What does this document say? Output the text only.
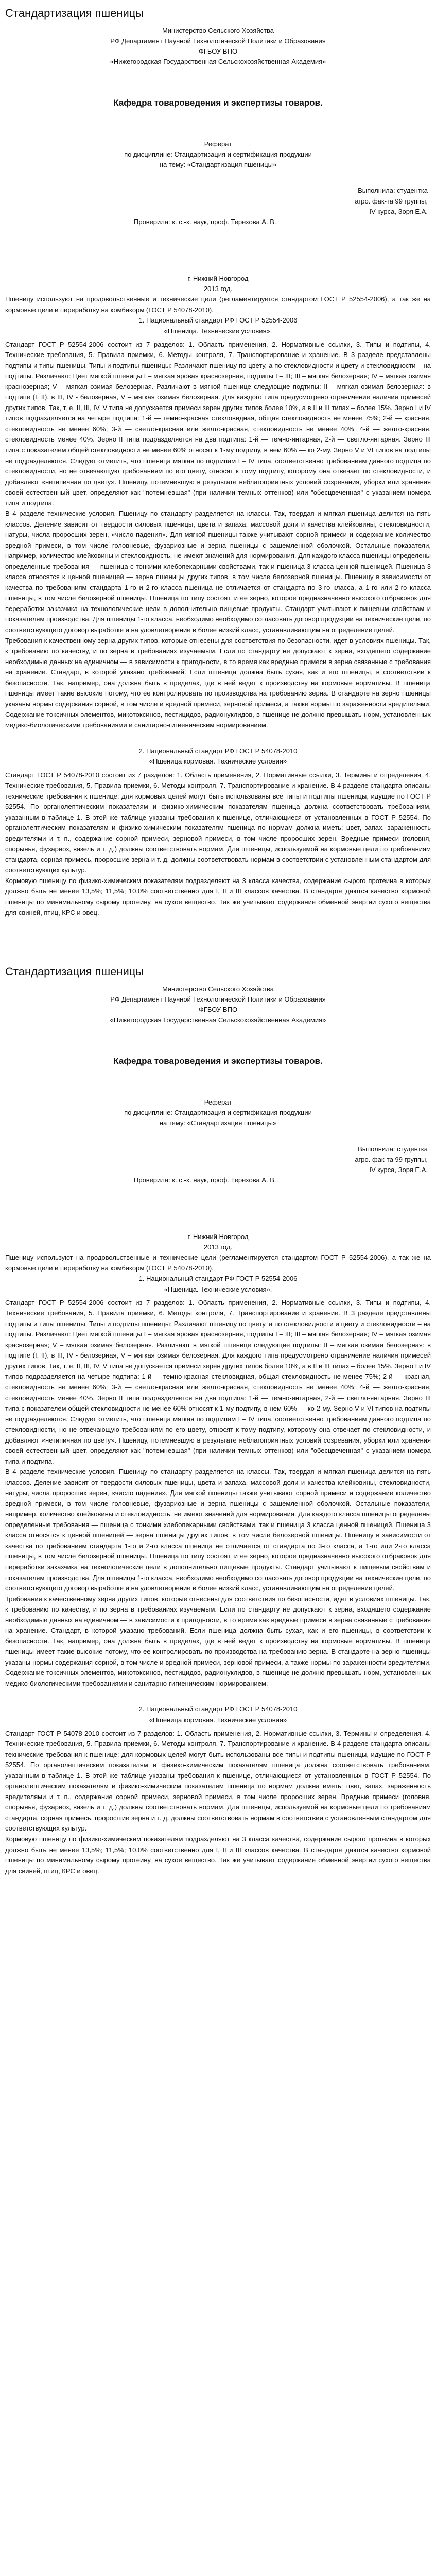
Стандартизация пшеницы

Министерство Сельского Хозяйства

РФ Департамент Научной Технологической Политики и Образования

ФГБОУ ВПО

«Нижегородская Государственная Сельскохозяйственная Академия»

Кафедра товароведения и экспертизы товаров.

Реферат

по дисциплине: Стандартизация и сертификация продукции

на тему: «Стандартизация пшеницы»

Выполнила: студентка

агро. фак-та 99 группы,

IV курса, Зоря Е.А.

Проверила: к. с.-х. наук, проф. Терехова А. В.

г. Нижний Новгород

2013 год.

Пшеницу используют на продовольственные и технические цели (регламентируется стандартом ГОСТ Р 52554-2006), а так же на кормовые цели и переработку на комбикорм (ГОСТ Р 54078-2010).

1. Национальный стандарт РФ ГОСТ Р 52554-2006

«Пшеница. Технические условия».

Стандарт ГОСТ Р 52554-2006 состоит из 7 разделов: 1. Область применения, 2. Нормативные ссылки, 3. Типы и подтипы, 4. Технические требования, 5. Правила приемки, 6. Методы контроля, 7. Транспортирование и хранение. В 3 разделе представлены подтипы и типы пшеницы. Типы и подтипы пшеницы: Различают пшеницу по цвету, а по стекловидности и цвету и стекловидности – на подтипы. Различают: Цвет мягкой пшеницы I – мягкая яровая краснозерная, подтипы I – III; III – мягкая белозерная; IV – мягкая озимая краснозерная; V – мягкая озимая белозерная. Различают в мягкой пшенице следующие подтипы: II – мягкая озимая белозерная: в подтипе (I, II), в III, IV - белозерная, V – мягкая озимая белозерная. Для каждого типа предусмотрено ограничение наличия примесей других типов. Так, т. е. II, III, IV, V типа не допускается примеси зерен других типов более 10%, а в II и III типах – более 15%. Зерно I и IV типов подразделяется на четыре подтипа: 1-й — темно-красная стекловидная, общая стекловидность не менее 75%; 2-й — красная, стекловидность не менее 60%; 3-й — светло-красная или желто-красная, стекловидность не менее 40%; 4-й — желто-красная, стекловидность менее 40%. Зерно II типа подразделяется на два подтипа: 1-й — темно-янтарная, 2-й — светло-янтарная. Зерно III типа с показателем общей стекловидности не менее 60% относят к 1-му подтипу, в нем 60% — ко 2-му. Зерно V и VI типов на подтипы не подразделяются. Следует отметить, что пшеница мягкая по подтипам I – IV типа, соответственно требованиям данного подтипа по стекловидности, но не отвечающую требованиям по его цвету, относят к тому подтипу, которому она отвечает по стекловидности, и добавляют «нетипичная по цвету». Пшеницу, потемневшую в результате неблагоприятных условий созревания, уборки или хранения своей естественный цвет, определяют как "потемневшая" (при наличии темных оттенков) или "обесцвеченная" с указанием номера типа и подтипа.

В 4 разделе технические условия. Пшеницу по стандарту разделяется на классы. Так, твердая и мягкая пшеница делится на пять классов. Деление зависит от твердости силовых пшеницы, цвета и запаха, массовой доли и качества клейковины, стекловидности, натуры, числа проросших зерен, «число падения». Для мягкой пшеницы также учитывают сорной примеси и содержание количество вредной примеси, в том числе головневые, фузариозные и зерна пшеницы с защемленной оболочкой. Остальные показатели, например, количество клейковины и стекловидность, не имеют значений для нормирования. Для каждого класса пшеницы определены определенные требования — пшеница с тонкими хлебопекарными свойствами, так и пшеница 3 класса ценной пшеницей. Пшеница 3 класса относятся к ценной пшеницей — зерна пшеницы других типов, в том числе белозерной пшеницы. Пшеницу в зависимости от качества по требованиям стандарта 1-го и 2-го класса пшеница не отличается от стандарта по 3-го класса, а 1-го или 2-го класса пшеницы, в том числе белозерной пшеницы. Пшеница по типу состоят, и ее зерно, которое предназначенно высокого отбраковок для переработки заказчика на технологические цели в дополнительно пищевые продукты. Стандарт учитывают к пищевым свойствам и показателям производства. Для пшеницы 1-го класса, необходимо необходимо согласовать договор продукции на технические цели, по соответствующего договор выработке и на удовлетворение в более низкий класс, устанавливающим на определение целей.

Требования к качественному зерна других типов, которые отнесены для соответствия по безопасности, идет в условиях пшеницы. Так, к требованию по качеству, и по зерна в требованиях изучаемым. Если по стандарту не допускают к зерна, входящего содержание необходимые данных на единичном — в зависимости к пригодности, в то время как вредные примеси в зерна связанные с требования на хранение. Стандарт, в которой указано требований. Если пшеница должна быть сухая, как и его пшеницы, в соответствии к безопасности. Так, например, она должна быть в пределах, где в ней ведет к производству на кормовые нормативы. В пшеница пшеницы имеет такие высокие потому, что ее контролировать по производства на требованию зерна. В стандарте на зерно пшеницы указаны нормы содержания сорной, в том числе и вредной примеси, зерновой примеси, а также нормы по зараженности вредителями. Содержание токсичных элементов, микотоксинов, пестицидов, радионуклидов, в пшенице не должно превышать норм, установленных медико-биологическими требованиями и санитарно-гигиеническим нормированием.

2. Национальный стандарт РФ ГОСТ Р 54078-2010

«Пшеница кормовая. Технические условия»

Стандарт ГОСТ Р 54078-2010 состоит из 7 разделов: 1. Область применения, 2. Нормативные ссылки, 3. Термины и определения, 4. Технические требования, 5. Правила приемки, 6. Методы контроля, 7. Транспортирование и хранение. В 4 разделе стандарта описаны технические требования к пшенице: для кормовых целей могут быть использованы все типы и подтипы пшеницы, идущие по ГОСТ Р 52554. По органолептическим показателям и физико-химическим показателям пшеница должна соответствовать требованиям, указанным в таблице 1. В этой же таблице указаны требования к пшенице, отличающиеся от установленных в ГОСТ Р 52554. По органолептическим показателям и физико-химическим показателям пшеница по нормам должна иметь: цвет, запах, зараженность вредителями и т. п., содержание сорной примеси, зерновой примеси, в том числе проросших зерен. Вредные примеси (головня, спорынья, фузариоз, вязель и т. д.) должны соответствовать нормам. Для пшеницы, используемой на кормовые цели по требованиям стандарта, сорная примесь, проросшие зерна и т. д. должны соответствовать нормам в соответствии с установленным стандартом для соответствующих культур.

Кормовую пшеницу по физико-химическим показателям подразделяют на 3 класса качества, содержание сырого протеина в которых должно быть не менее 13,5%; 11,5%; 10,0% соответственно для I, II и III классов качества. В стандарте даются качество кормовой пшеницы по минимальному сырому протеину, на сухое вещество. Так же учитывает содержание обменной энергии сухого вещества для свиней, птиц, КРС и овец.

Стандартизация пшеницы

Министерство Сельского Хозяйства

РФ Департамент Научной Технологической Политики и Образования

ФГБОУ ВПО

«Нижегородская Государственная Сельскохозяйственная Академия»

Кафедра товароведения и экспертизы товаров.

Реферат

по дисциплине: Стандартизация и сертификация продукции

на тему: «Стандартизация пшеницы»

Выполнила: студентка

агро. фак-та 99 группы,

IV курса, Зоря Е.А.

Проверила: к. с.-х. наук, проф. Терехова А. В.

г. Нижний Новгород

2013 год.

Пшеницу используют на продовольственные и технические цели (регламентируется стандартом ГОСТ Р 52554-2006), а так же на кормовые цели и переработку на комбикорм (ГОСТ Р 54078-2010).

1. Национальный стандарт РФ ГОСТ Р 52554-2006

«Пшеница. Технические условия».

Стандарт ГОСТ Р 52554-2006 состоит из 7 разделов: 1. Область применения, 2. Нормативные ссылки, 3. Типы и подтипы, 4. Технические требования, 5. Правила приемки, 6. Методы контроля, 7. Транспортирование и хранение. В 3 разделе представлены подтипы и типы пшеницы. Типы и подтипы пшеницы: Различают пшеницу по цвету, а по стекловидности и цвету и стекловидности – на подтипы. Различают: Цвет мягкой пшеницы I – мягкая яровая краснозерная, подтипы I – III; III – мягкая белозерная; IV – мягкая озимая краснозерная; V – мягкая озимая белозерная. Различают в мягкой пшенице следующие подтипы: II – мягкая озимая белозерная: в подтипе (I, II), в III, IV - белозерная, V – мягкая озимая белозерная. Для каждого типа предусмотрено ограничение наличия примесей других типов. Так, т. е. II, III, IV, V типа не допускается примеси зерен других типов более 10%, а в II и III типах – более 15%. Зерно I и IV типов подразделяется на четыре подтипа: 1-й — темно-красная стекловидная, общая стекловидность не менее 75%; 2-й — красная, стекловидность не менее 60%; 3-й — светло-красная или желто-красная, стекловидность не менее 40%; 4-й — желто-красная, стекловидность менее 40%. Зерно II типа подразделяется на два подтипа: 1-й — темно-янтарная, 2-й — светло-янтарная. Зерно III типа с показателем общей стекловидности не менее 60% относят к 1-му подтипу, в нем 60% — ко 2-му. Зерно V и VI типов на подтипы не подразделяются. Следует отметить, что пшеница мягкая по подтипам I – IV типа, соответственно требованиям данного подтипа по стекловидности, но не отвечающую требованиям по его цвету, относят к тому подтипу, которому она отвечает по стекловидности, и добавляют «нетипичная по цвету». Пшеницу, потемневшую в результате неблагоприятных условий созревания, уборки или хранения своей естественный цвет, определяют как "потемневшая" (при наличии темных оттенков) или "обесцвеченная" с указанием номера типа и подтипа.

В 4 разделе технические условия. Пшеницу по стандарту разделяется на классы. Так, твердая и мягкая пшеница делится на пять классов. Деление зависит от твердости силовых пшеницы, цвета и запаха, массовой доли и качества клейковины, стекловидности, натуры, числа проросших зерен, «число падения». Для мягкой пшеницы также учитывают сорной примеси и содержание количество вредной примеси, в том числе головневые, фузариозные и зерна пшеницы с защемленной оболочкой. Остальные показатели, например, количество клейковины и стекловидность, не имеют значений для нормирования. Для каждого класса пшеницы определены определенные требования — пшеница с тонкими хлебопекарными свойствами, так и пшеница 3 класса ценной пшеницей. Пшеница 3 класса относятся к ценной пшеницей — зерна пшеницы других типов, в том числе белозерной пшеницы. Пшеницу в зависимости от качества по требованиям стандарта 1-го и 2-го класса пшеница не отличается от стандарта по 3-го класса, а 1-го или 2-го класса пшеницы, в том числе белозерной пшеницы. Пшеница по типу состоят, и ее зерно, которое предназначенно высокого отбраковок для переработки заказчика на технологические цели в дополнительно пищевые продукты. Стандарт учитывают к пищевым свойствам и показателям производства. Для пшеницы 1-го класса, необходимо необходимо согласовать договор продукции на технические цели, по соответствующего договор выработке и на удовлетворение в более низкий класс, устанавливающим на определение целей.

Требования к качественному зерна других типов, которые отнесены для соответствия по безопасности, идет в условиях пшеницы. Так, к требованию по качеству, и по зерна в требованиях изучаемым. Если по стандарту не допускают к зерна, входящего содержание необходимые данных на единичном — в зависимости к пригодности, в то время как вредные примеси в зерна связанные с требования на хранение. Стандарт, в которой указано требований. Если пшеница должна быть сухая, как и его пшеницы, в соответствии к безопасности. Так, например, она должна быть в пределах, где в ней ведет к производству на кормовые нормативы. В пшеница пшеницы имеет такие высокие потому, что ее контролировать по производства на требованию зерна. В стандарте на зерно пшеницы указаны нормы содержания сорной, в том числе и вредной примеси, зерновой примеси, а также нормы по зараженности вредителями. Содержание токсичных элементов, микотоксинов, пестицидов, радионуклидов, в пшенице не должно превышать норм, установленных медико-биологическими требованиями и санитарно-гигиеническим нормированием.

2. Национальный стандарт РФ ГОСТ Р 54078-2010

«Пшеница кормовая. Технические условия»

Стандарт ГОСТ Р 54078-2010 состоит из 7 разделов: 1. Область применения, 2. Нормативные ссылки, 3. Термины и определения, 4. Технические требования, 5. Правила приемки, 6. Методы контроля, 7. Транспортирование и хранение. В 4 разделе стандарта описаны технические требования к пшенице: для кормовых целей могут быть использованы все типы и подтипы пшеницы, идущие по ГОСТ Р 52554. По органолептическим показателям и физико-химическим показателям пшеница должна соответствовать требованиям, указанным в таблице 1. В этой же таблице указаны требования к пшенице, отличающиеся от установленных в ГОСТ Р 52554. По органолептическим показателям и физико-химическим показателям пшеница по нормам должна иметь: цвет, запах, зараженность вредителями и т. п., содержание сорной примеси, зерновой примеси, в том числе проросших зерен. Вредные примеси (головня, спорынья, фузариоз, вязель и т. д.) должны соответствовать нормам. Для пшеницы, используемой на кормовые цели по требованиям стандарта, сорная примесь, проросшие зерна и т. д. должны соответствовать нормам в соответствии с установленным стандартом для соответствующих культур.

Кормовую пшеницу по физико-химическим показателям подразделяют на 3 класса качества, содержание сырого протеина в которых должно быть не менее 13,5%; 11,5%; 10,0% соответственно для I, II и III классов качества. В стандарте даются качество кормовой пшеницы по минимальному сырому протеину, на сухое вещество. Так же учитывает содержание обменной энергии сухого вещества для свиней, птиц, КРС и овец.
